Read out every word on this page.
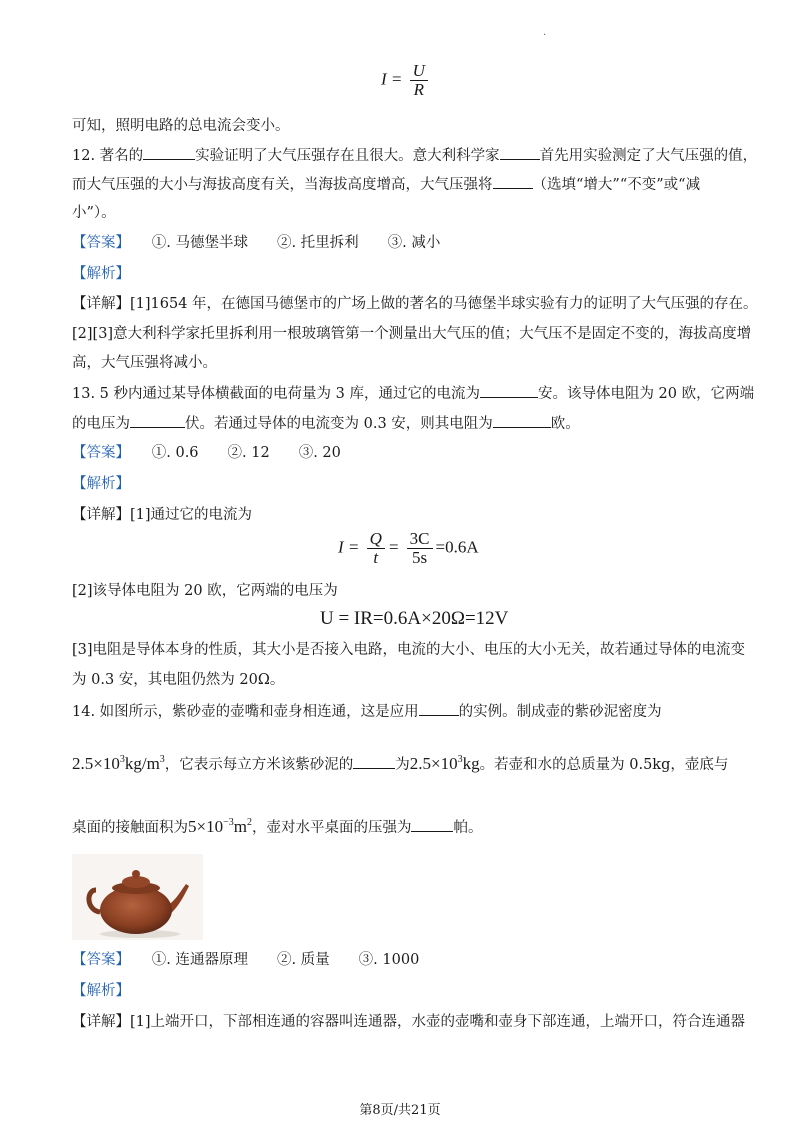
·
$I = \frac{U}{R}$
可知，照明电路的总电流会变小。
12. 著名的	实验证明了大气压强存在且很大。意大利科学家	首先用实验测定了大气压强的值，
而大气压强的大小与海拔高度有关，当海拔高度增高，大气压强将	（选填“增大”“不变”或“减
小”）。
【答案】　　 ①. 马德堡半球　　②. 托里拆利　　③. 减小
【解析】
【详解】[1]1654 年，在德国马德堡市的广场上做的著名的马德堡半球实验有力的证明了大气压强的存在。
[2][3]意大利科学家托里拆利用一根玻璃管第一个测量出大气压的值；大气压不是固定不变的，海拔高度增
高，大气压强将减小。
13. 5 秒内通过某导体横截面的电荷量为 3 库，通过它的电流为	安。该导体电阻为 20 欧，它两端
的电压为	伏。若通过导体的电流变为 0.3 安，则其电阻为	欧。
【答案】　　 ①. 0.6　　②. 12　　③. 20
【解析】
【详解】[1]通过它的电流为
$I = \frac{Q}{t} = \frac{3C}{5s} =0.6A$
[2]该导体电阻为 20 欧，它两端的电压为
U = IR=0.6A×20Ω=12V
[3]电阻是导体本身的性质，其大小是否接入电路，电流的大小、电压的大小无关，故若通过导体的电流变
为 0.3 安，其电阻仍然为 20Ω。
14. 如图所示，紫砂壶的壶嘴和壶身相连通，这是应用	的实例。制成壶的紫砂泥密度为
$2.5\times 10^3kg/m^3$，它表示每立方米该紫砂泥的	为$2.5\times 10^3kg$。若壶和水的总质量为 0.5kg，壶底与
桌面的接触面积为$5\times 10^{-3}m^2$，壶对水平桌面的压强为	帕。
【答案】　　 ①. 连通器原理　　②. 质量　　③. 1000
【解析】
【详解】[1]上端开口，下部相连通的容器叫连通器，水壶的壶嘴和壶身下部连通，上端开口，符合连通器
第8页/共21页
